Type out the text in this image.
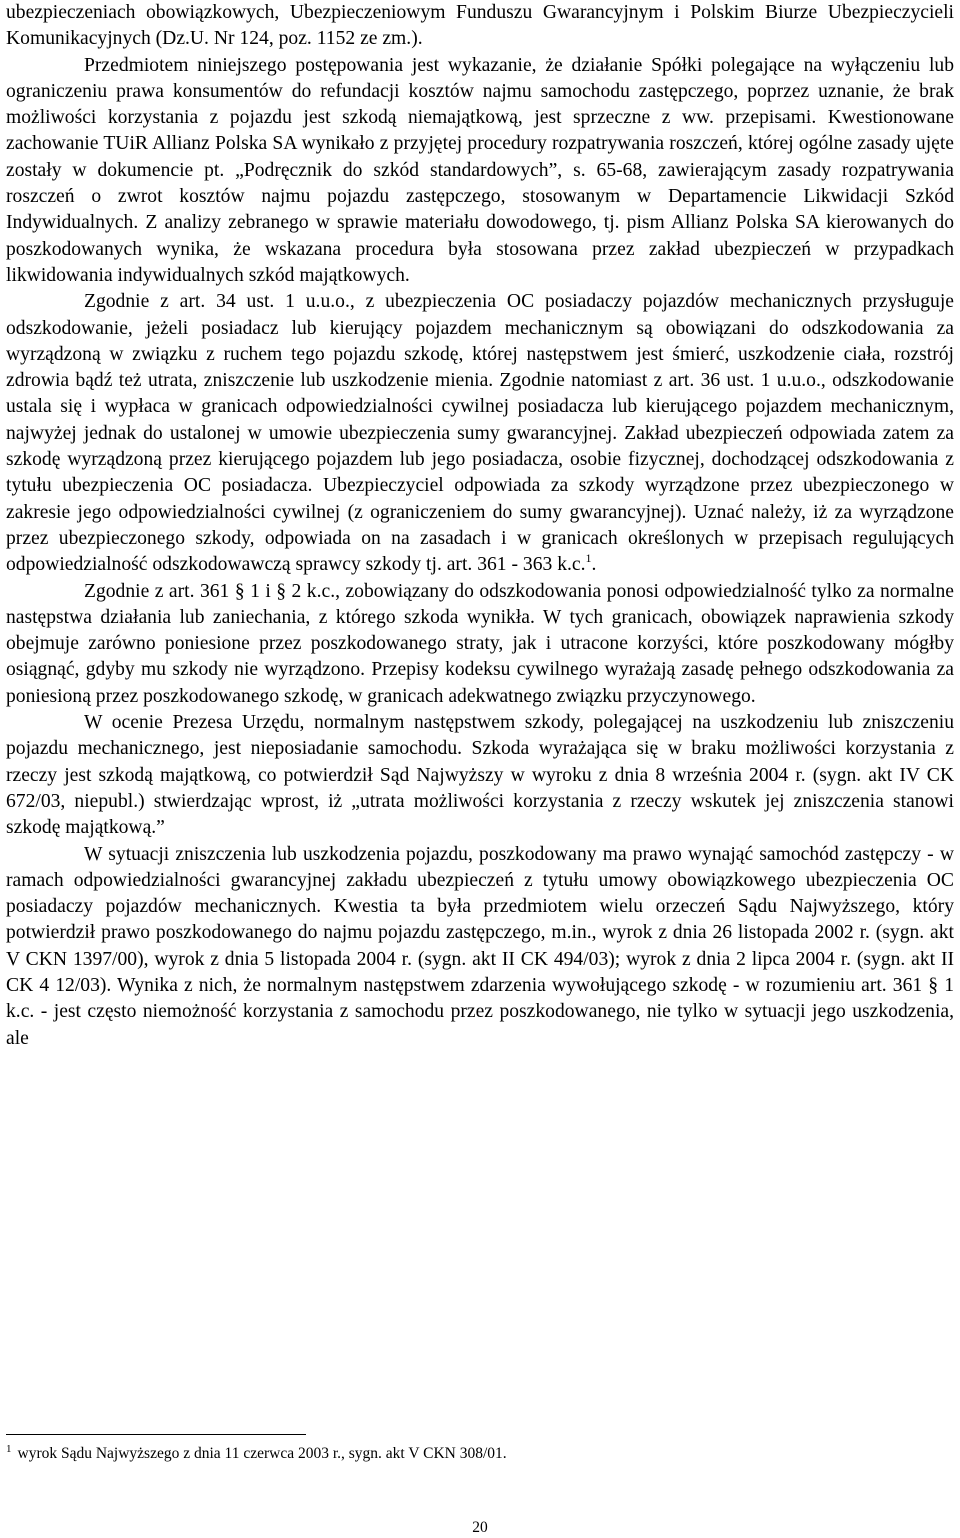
ubezpieczeniach obowiązkowych, Ubezpieczeniowym Funduszu Gwarancyjnym i Polskim Biurze Ubezpieczycieli Komunikacyjnych (Dz.U. Nr 124, poz. 1152 ze zm.).

Przedmiotem niniejszego postępowania jest wykazanie, że działanie Spółki polegające na wyłączeniu lub ograniczeniu prawa konsumentów do refundacji kosztów najmu samochodu zastępczego, poprzez uznanie, że brak możliwości korzystania z pojazdu jest szkodą niemajątkową, jest sprzeczne z ww. przepisami. Kwestionowane zachowanie TUiR Allianz Polska SA wynikało z przyjętej procedury rozpatrywania roszczeń, której ogólne zasady ujęte zostały w dokumencie pt. „Podręcznik do szkód standardowych”, s. 65-68, zawierającym zasady rozpatrywania roszczeń o zwrot kosztów najmu pojazdu zastępczego, stosowanym w Departamencie Likwidacji Szkód Indywidualnych. Z analizy zebranego w sprawie materiału dowodowego, tj. pism Allianz Polska SA kierowanych do poszkodowanych wynika, że wskazana procedura była stosowana przez zakład ubezpieczeń w przypadkach likwidowania indywidualnych szkód majątkowych.

Zgodnie z art. 34 ust. 1 u.u.o., z ubezpieczenia OC posiadaczy pojazdów mechanicznych przysługuje odszkodowanie, jeżeli posiadacz lub kierujący pojazdem mechanicznym są obowiązani do odszkodowania za wyrządzoną w związku z ruchem tego pojazdu szkodę, której następstwem jest śmierć, uszkodzenie ciała, rozstrój zdrowia bądź też utrata, zniszczenie lub uszkodzenie mienia. Zgodnie natomiast z art. 36 ust. 1 u.u.o., odszkodowanie ustala się i wypłaca w granicach odpowiedzialności cywilnej posiadacza lub kierującego pojazdem mechanicznym, najwyżej jednak do ustalonej w umowie ubezpieczenia sumy gwarancyjnej. Zakład ubezpieczeń odpowiada zatem za szkodę wyrządzoną przez kierującego pojazdem lub jego posiadacza, osobie fizycznej, dochodzącej odszkodowania z tytułu ubezpieczenia OC posiadacza. Ubezpieczyciel odpowiada za szkody wyrządzone przez ubezpieczonego w zakresie jego odpowiedzialności cywilnej (z ograniczeniem do sumy gwarancyjnej). Uznać należy, iż za wyrządzone przez ubezpieczonego szkody, odpowiada on na zasadach i w granicach określonych w przepisach regulujących odpowiedzialność odszkodowawczą sprawcy szkody tj. art. 361 - 363 k.c.$^1$.

Zgodnie z art. 361 § 1 i § 2 k.c., zobowiązany do odszkodowania ponosi odpowiedzialność tylko za normalne następstwa działania lub zaniechania, z którego szkoda wynikła. W tych granicach, obowiązek naprawienia szkody obejmuje zarówno poniesione przez poszkodowanego straty, jak i utracone korzyści, które poszkodowany mógłby osiągnąć, gdyby mu szkody nie wyrządzono. Przepisy kodeksu cywilnego wyrażają zasadę pełnego odszkodowania za poniesioną przez poszkodowanego szkodę, w granicach adekwatnego związku przyczynowego.

W ocenie Prezesa Urzędu, normalnym następstwem szkody, polegającej na uszkodzeniu lub zniszczeniu pojazdu mechanicznego, jest nieposiadanie samochodu. Szkoda wyrażająca się w braku możliwości korzystania z rzeczy jest szkodą majątkową, co potwierdził Sąd Najwyższy w wyroku z dnia 8 września 2004 r. (sygn. akt IV CK 672/03, niepubl.) stwierdzając wprost, iż „utrata możliwości korzystania z rzeczy wskutek jej zniszczenia stanowi szkodę majątkową.”

W sytuacji zniszczenia lub uszkodzenia pojazdu, poszkodowany ma prawo wynająć samochód zastępczy - w ramach odpowiedzialności gwarancyjnej zakładu ubezpieczeń z tytułu umowy obowiązkowego ubezpieczenia OC posiadaczy pojazdów mechanicznych. Kwestia ta była przedmiotem wielu orzeczeń Sądu Najwyższego, który potwierdził prawo poszkodowanego do najmu pojazdu zastępczego, m.in., wyrok z dnia 26 listopada 2002 r. (sygn. akt V CKN 1397/00), wyrok z dnia 5 listopada 2004 r. (sygn. akt II CK 494/03); wyrok z dnia 2 lipca 2004 r. (sygn. akt II CK 4 12/03). Wynika z nich, że normalnym następstwem zdarzenia wywołującego szkodę - w rozumieniu art. 361 § 1 k.c. - jest często niemożność korzystania z samochodu przez poszkodowanego, nie tylko w sytuacji jego uszkodzenia, ale

$^1$ wyrok Sądu Najwyższego z dnia 11 czerwca 2003 r., sygn. akt V CKN 308/01.

20
